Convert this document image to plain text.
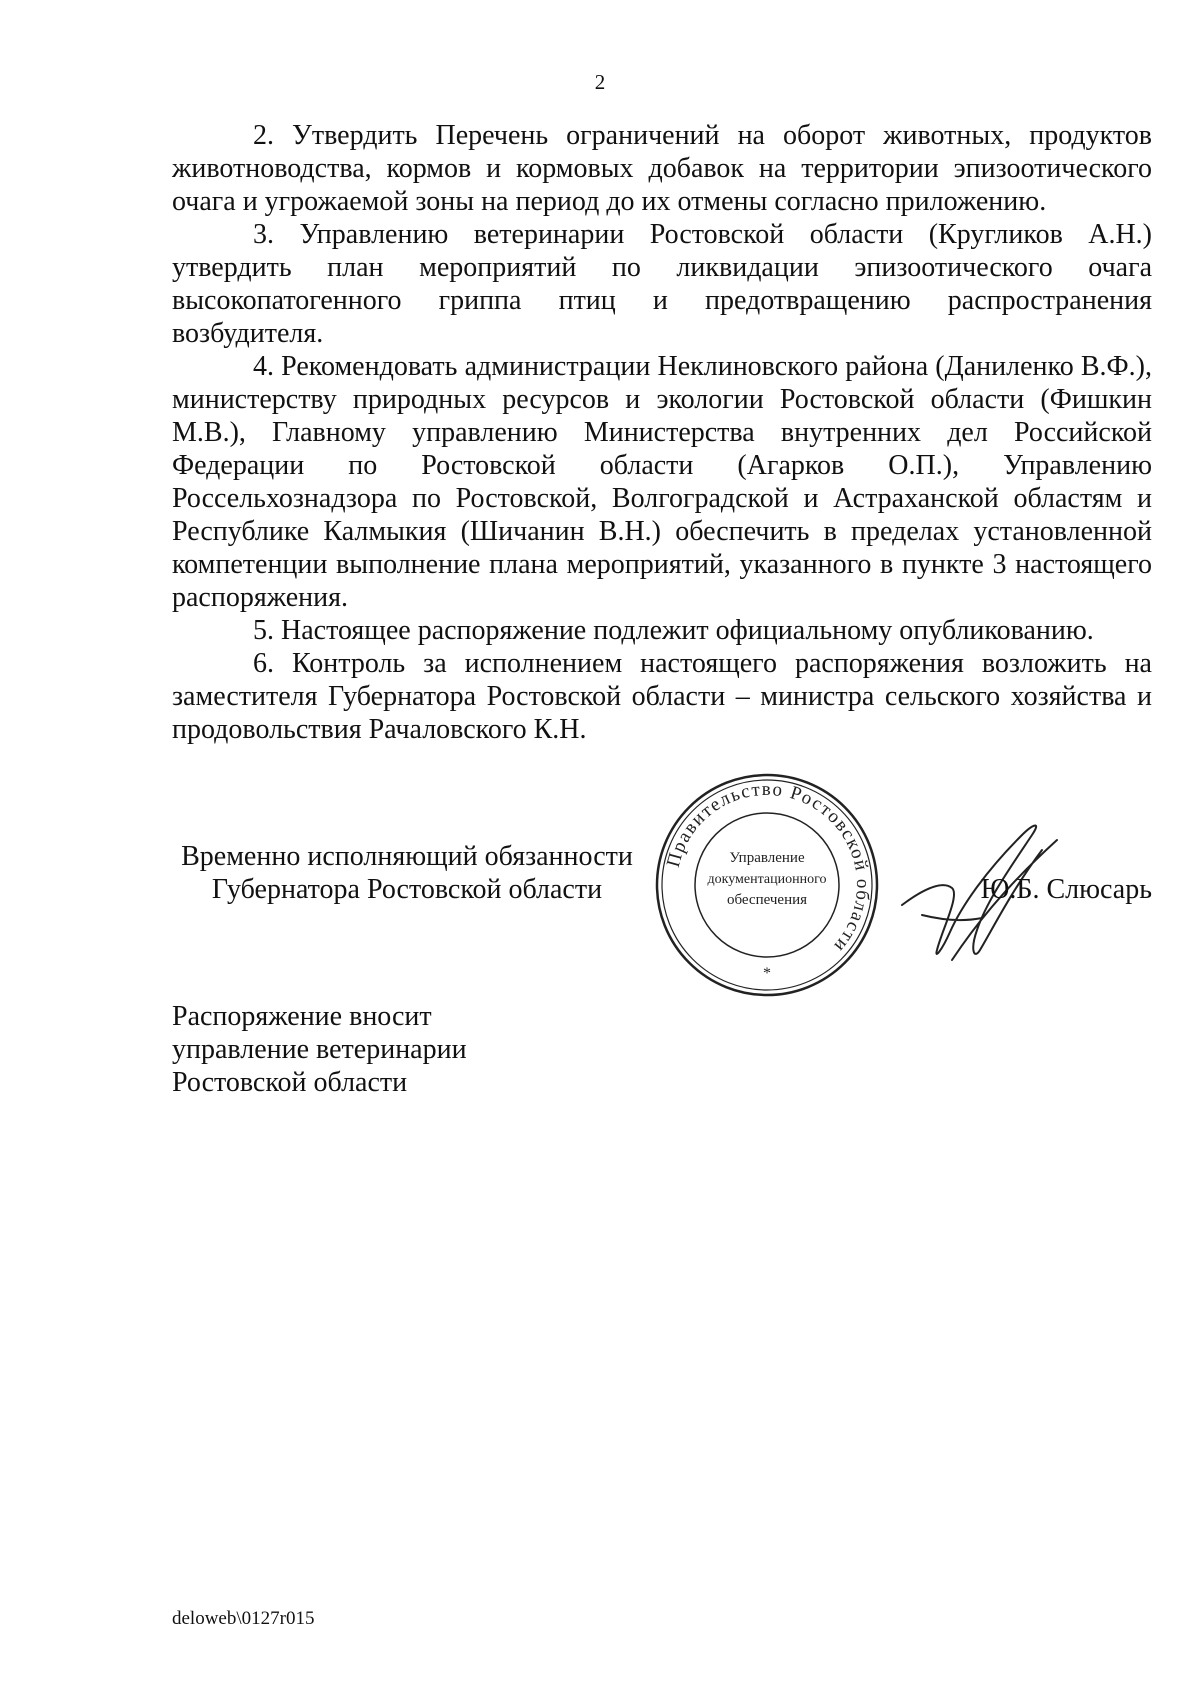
2

2. Утвердить Перечень ограничений на оборот животных, продуктов животноводства, кормов и кормовых добавок на территории эпизоотического очага и угрожаемой зоны на период до их отмены согласно приложению.

3. Управлению ветеринарии Ростовской области (Кругликов А.Н.) утвердить план мероприятий по ликвидации эпизоотического очага высокопатогенного гриппа птиц и предотвращению распространения возбудителя.

4. Рекомендовать администрации Неклиновского района (Даниленко В.Ф.), министерству природных ресурсов и экологии Ростовской области (Фишкин М.В.), Главному управлению Министерства внутренних дел Российской Федерации по Ростовской области (Агарков О.П.), Управлению Россельхознадзора по Ростовской, Волгоградской и Астраханской областям и Республике Калмыкия (Шичанин В.Н.) обеспечить в пределах установленной компетенции выполнение плана мероприятий, указанного в пункте 3 настоящего распоряжения.

5. Настоящее распоряжение подлежит официальному опубликованию.

6. Контроль за исполнением настоящего распоряжения возложить на заместителя Губернатора Ростовской области – министра сельского хозяйства и продовольствия Рачаловского К.Н.

Временно исполняющий обязанности
Губернатора Ростовской области
Правительство Ростовской области
Управление
документационного
обеспечения
*
Ю.Б. Слюсарь
Распоряжение вносит
управление ветеринарии
Ростовской области
deloweb\0127r015
